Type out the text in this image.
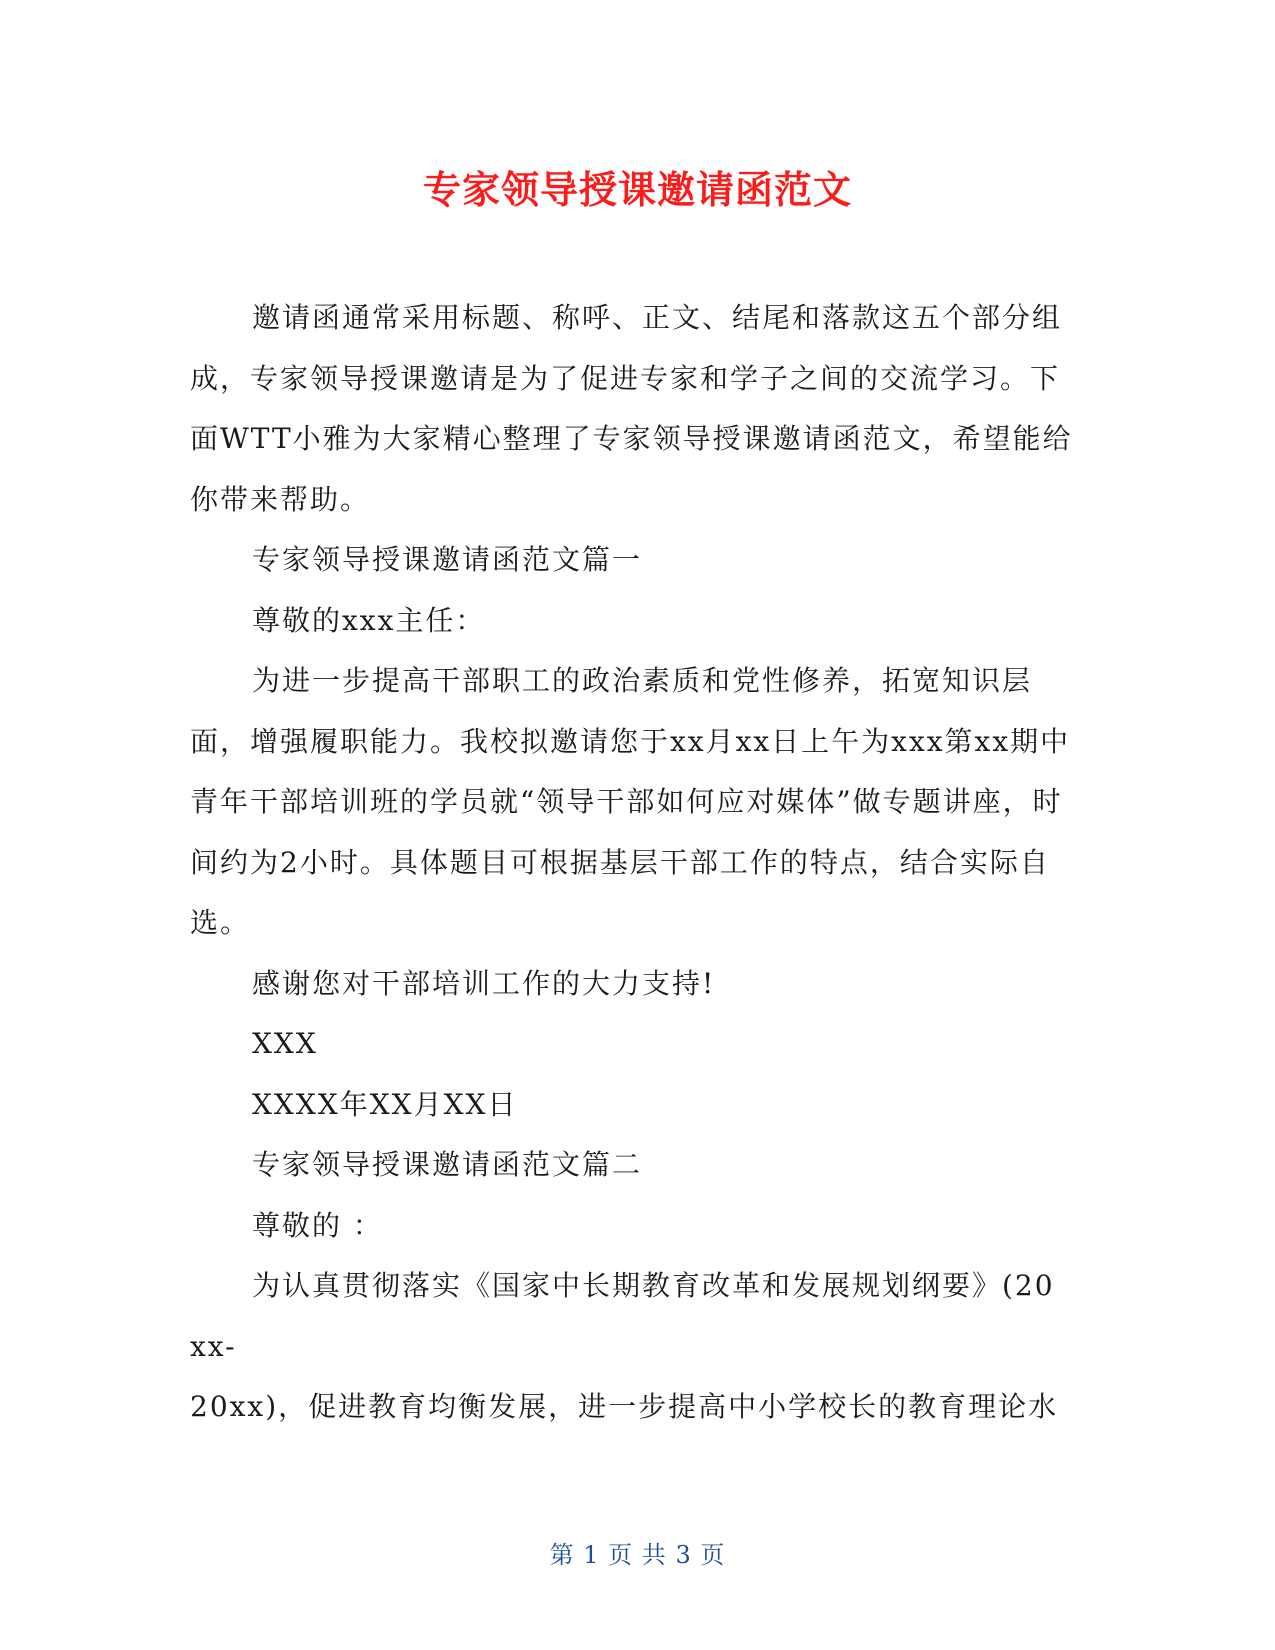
专家领导授课邀请函范文

邀请函通常采用标题、称呼、正文、结尾和落款这五个部分组成，专家领导授课邀请是为了促进专家和学子之间的交流学习。下面WTT小雅为大家精心整理了专家领导授课邀请函范文，希望能给你带来帮助。

专家领导授课邀请函范文篇一

尊敬的xxx主任：

为进一步提高干部职工的政治素质和党性修养，拓宽知识层面，增强履职能力。我校拟邀请您于xx月xx日上午为xxx第xx期中青年干部培训班的学员就“领导干部如何应对媒体”做专题讲座，时间约为2小时。具体题目可根据基层干部工作的特点，结合实际自选。

感谢您对干部培训工作的大力支持!

XXX

XXXX年XX月XX日

专家领导授课邀请函范文篇二

尊敬的 ：

为认真贯彻落实《国家中长期教育改革和发展规划纲要》(20

xx-

20xx)，促进教育均衡发展，进一步提高中小学校长的教育理论水

第 1 页 共 3 页
